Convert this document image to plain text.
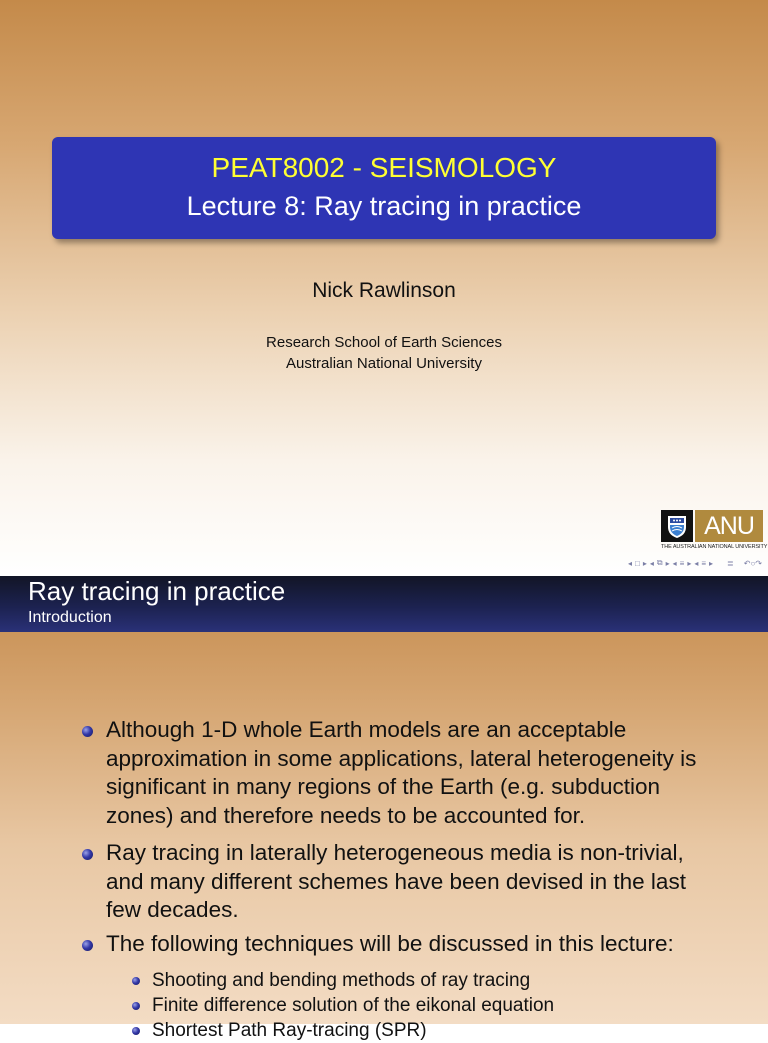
PEAT8002 - SEISMOLOGY
Lecture 8: Ray tracing in practice
Nick Rawlinson
Research School of Earth Sciences
Australian National University
ANU
THE AUSTRALIAN NATIONAL UNIVERSITY
◂ □ ▸ ◂ ⧉ ▸ ◂ ≡ ▸ ◂ ≡ ▸ ≣ ↶○↷
Ray tracing in practice
Introduction
Although 1-D whole Earth models are an acceptable approximation in some applications, lateral heterogeneity is significant in many regions of the Earth (e.g. subduction zones) and therefore needs to be accounted for.
Ray tracing in laterally heterogeneous media is non-trivial, and many different schemes have been devised in the last few decades.
The following techniques will be discussed in this lecture:
Shooting and bending methods of ray tracing
Finite difference solution of the eikonal equation
Shortest Path Ray-tracing (SPR)
